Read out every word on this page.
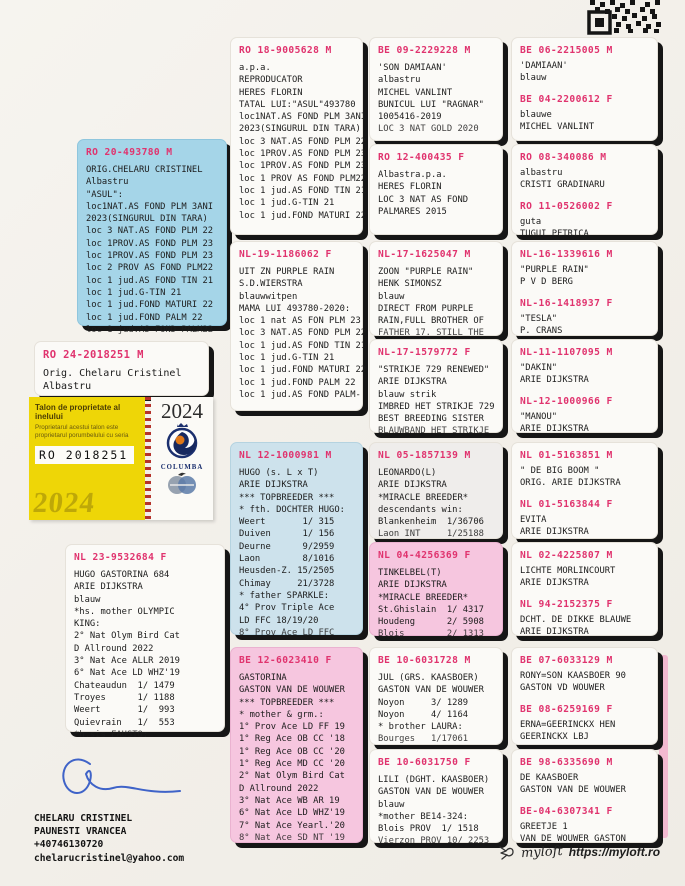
RO 20-493780 M
ORIG.CHELARU CRISTINEL
Albastru
"ASUL":
loc1NAT.AS FOND PLM 3ANI
2023(SINGURUL DIN TARA)
loc 3 NAT.AS FOND PLM 22
loc 1PROV.AS FOND PLM 23
loc 1PROV.AS FOND PLM 23
loc 2 PROV AS FOND PLM22
loc 1 jud.AS FOND TIN 21
loc 1 jud.G-TIN 21
loc 1 jud.FOND MATURI 22
loc 1 jud.FOND PALM 22
loc 1 jud.AS FOND PALM22
RO 24-2018251 M
Orig. Chelaru Cristinel
Albastru
Talon de proprietate al inelului
Proprietarul acestui talon este proprietarul porumbelului cu seria
RO 2018251
2024
2024
COLUMBA
NL 23-9532684 F
HUGO GASTORINA 684
ARIE DIJKSTRA
blauw
*hs. mother OLYMPIC
KING:
2° Nat Olym Bird Cat
D Allround 2022
3° Nat Ace ALLR 2019
6° Nat Ace LD WHZ'19
Chateaudun  1/ 1479
Troyes      1/ 1188
Weert       1/  993
Quievrain   1/  553
*h.sis FAUSTO:
CHELARU CRISTINEL
PAUNESTI VRANCEA
+40746130720
chelarucristinel@yahoo.com
RO 18-9005628 M
a.p.a.
REPRODUCATOR
HERES FLORIN
TATAL LUI:"ASUL"493780
loc1NAT.AS FOND PLM 3ANI
2023(SINGURUL DIN TARA)
loc 3 NAT.AS FOND PLM 22
loc 1PROV.AS FOND PLM 23
loc 1PROV.AS FOND PLM 23
loc 1 PROV AS FOND PLM22
loc 1 jud.AS FOND TIN 21
loc 1 jud.G-TIN 21
loc 1 jud.FOND MATURI 22
NL-19-1186062 F
UIT ZN PURPLE RAIN
S.D.WIERSTRA
blauwwitpen
MAMA LUI 493780-2020:
loc 1 nat AS FON PLM 23
loc 3 NAT.AS FOND PLM 22
loc 1 jud.AS FOND TIN 21
loc 1 jud.G-TIN 21
loc 1 jud.FOND MATURI 22
loc 1 jud.FOND PALM 22
loc 1 jud.AS FOND PALM-
NL 12-1000981 M
HUGO (s. L x T)
ARIE DIJKSTRA
*** TOPBREEDER ***
* fth. DOCHTER HUGO:
Weert       1/ 315
Duiven      1/ 156
Deurne      9/2959
Laon        8/1016
Heusden-Z. 15/2505
Chimay     21/3728
* father SPARKLE:
4° Prov Triple Ace
LD FFC 18/19/20
8° Prov Ace LD FFC
BE 12-6023410 F
GASTORINA
GASTON VAN DE WOUWER
*** TOPBREEDER ***
* mother & grm.:
1° Prov Ace LD FF 19
1° Reg Ace OB CC '18
1° Reg Ace OB CC '20
1° Reg Ace MD CC '20
2° Nat Olym Bird Cat
D Allround 2022
3° Nat Ace WB AR 19
6° Nat Ace LD WHZ'19
7° Nat Ace Yearl.'20
8° Nat Ace SD NT '19
BE 09-2229228 M
'SON DAMIAAN'
albastru
MICHEL VANLINT
BUNICUL LUI "RAGNAR"
1005416-2019
LOC 3 NAT GOLD 2020
RO 12-400435 F
Albastra.p.a.
HERES FLORIN
LOC 3 NAT AS FOND
PALMARES 2015
NL-17-1625047 M
ZOON "PURPLE RAIN"
HENK SIMONSZ
blauw
DIRECT FROM PURPLE
RAIN,FULL BROTHER OF
FATHER 17. STILL THE
NL-17-1579772 F
"STRIKJE 729 RENEWED"
ARIE DIJKSTRA
blauw strik
IMBRED HET STRIKJE 729
BEST BREEDING SISTER
BLAUWBAND HET STRIKJE
NL 05-1857139 M
LEONARDO(L)
ARIE DIJKSTRA
*MIRACLE BREEDER*
descendants win:
Blankenheim  1/36706
Laon INT     1/25188
NL 04-4256369 F
TINKELBEL(T)
ARIE DIJKSTRA
*MIRACLE BREEDER*
St.Ghislain  1/ 4317
Houdeng      2/ 5908
Blois        2/ 1313
BE 10-6031728 M
JUL (GRS. KAASBOER)
GASTON VAN DE WOUWER
Noyon     3/ 1289
Noyon     4/ 1164
* brother LAURA:
Bourges   1/17061
BE 10-6031750 F
LILI (DGHT. KAASBOER)
GASTON VAN DE WOUWER
blauw
*mother BE14-324:
Blois PROV  1/ 1518
Vierzon PROV 10/ 2253
BE 06-2215005 M
'DAMIAAN'
blauw
BE 04-2200612 F
blauwe
MICHEL VANLINT
RO 08-340086 M
albastru
CRISTI GRADINARU
RO 11-0526002 F
guta
TUGUI PETRICA
NL-16-1339616 M
"PURPLE RAIN"
P V D BERG
NL-16-1418937 F
"TESLA"
P. CRANS
NL-11-1107095 M
"DAKIN"
ARIE DIJKSTRA
NL-12-1000966 F
"MANOU"
ARIE DIJKSTRA
NL 01-5163851 M
" DE BIG BOOM "
ORIG. ARIE DIJKSTRA
NL 01-5163844 F
EVITA
ARIE DIJKSTRA
NL 02-4225807 M
LICHTE MORLINCOURT
ARIE DIJKSTRA
NL 94-2152375 F
DCHT. DE DIKKE BLAUWE
ARIE DIJKSTRA
BE 07-6033129 M
RONY=SON KAASBOER 90
GASTON VD WOUWER
BE 08-6259169 F
ERNA=GEERINCKX HEN
GEERINCKX LBJ
BE 98-6335690 M
DE KAASBOER
GASTON VAN DE WOUWER
BE-04-6307341 F
GREETJE 1
VAN DE WOUWER GASTON
myloft https://myloft.ro
